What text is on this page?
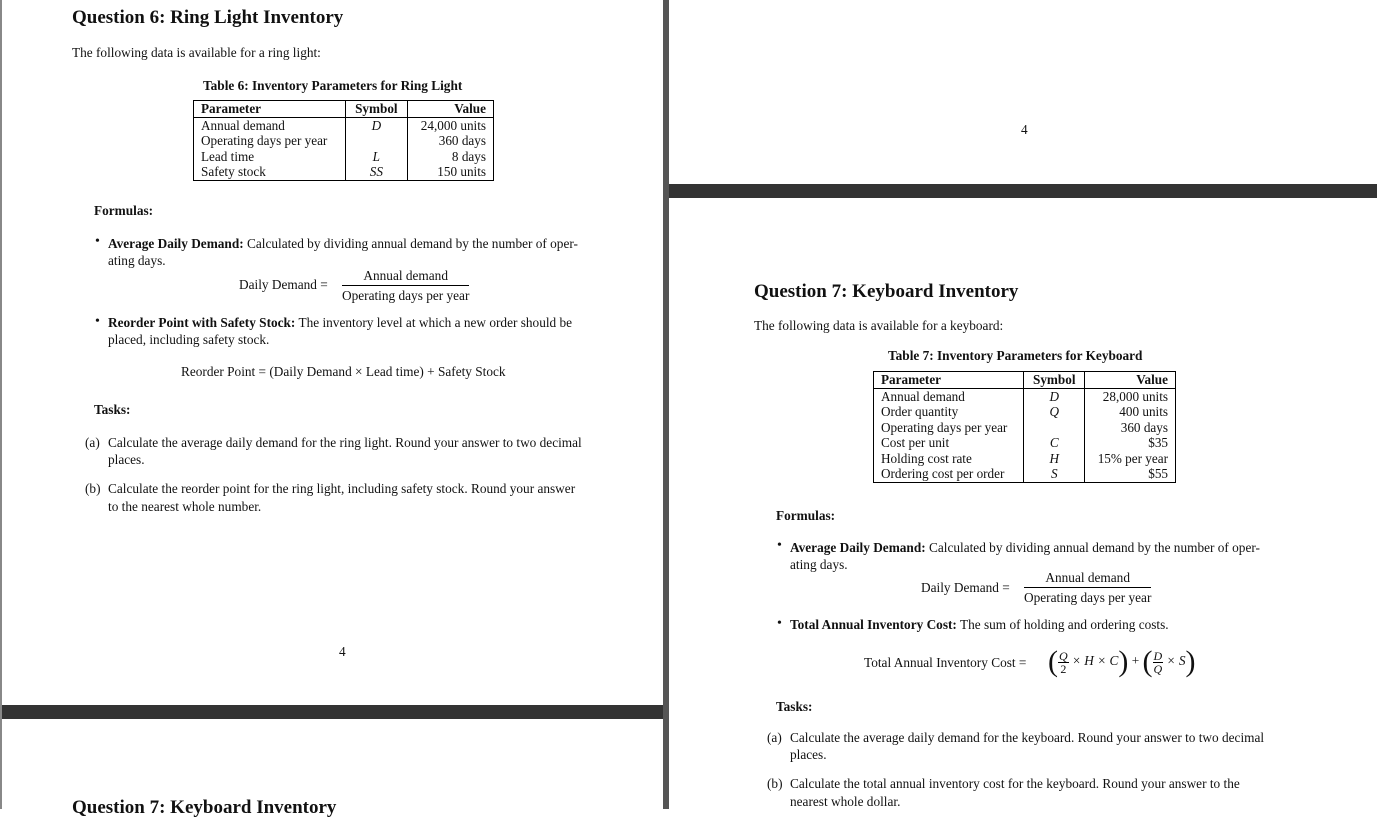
Question 6: Ring Light Inventory
The following data is available for a ring light:
Table 6: Inventory Parameters for Ring Light
Parameter	Symbol	Value
Annual demand	D	24,000 units
Operating days per year		360 days
Lead time	L	8 days
Safety stock	SS	150 units
Formulas:
• Average Daily Demand: Calculated by dividing annual demand by the number of oper-
ating days.
Daily Demand =
Annual demand
Operating days per year
• Reorder Point with Safety Stock: The inventory level at which a new order should be
placed, including safety stock.
Reorder Point = (Daily Demand × Lead time) + Safety Stock
Tasks:
(a) Calculate the average daily demand for the ring light. Round your answer to two decimal
places.
(b) Calculate the reorder point for the ring light, including safety stock. Round your answer
to the nearest whole number.
4
Question 7: Keyboard Inventory
4
Question 7: Keyboard Inventory
The following data is available for a keyboard:
Table 7: Inventory Parameters for Keyboard
Parameter	Symbol	Value
Annual demand	D	28,000 units
Order quantity	Q	400 units
Operating days per year		360 days
Cost per unit	C	$35
Holding cost rate	H	15% per year
Ordering cost per order	S	$55
Formulas:
• Average Daily Demand: Calculated by dividing annual demand by the number of oper-
ating days.
Daily Demand =
Annual demand
Operating days per year
• Total Annual Inventory Cost: The sum of holding and ordering costs.
Total Annual Inventory Cost = ( $\frac{Q}{2} \times H \times C$) + ( $\frac{D}{Q} \times S$)
Tasks:
(a) Calculate the average daily demand for the keyboard. Round your answer to two decimal
places.
(b) Calculate the total annual inventory cost for the keyboard. Round your answer to the
nearest whole dollar.
